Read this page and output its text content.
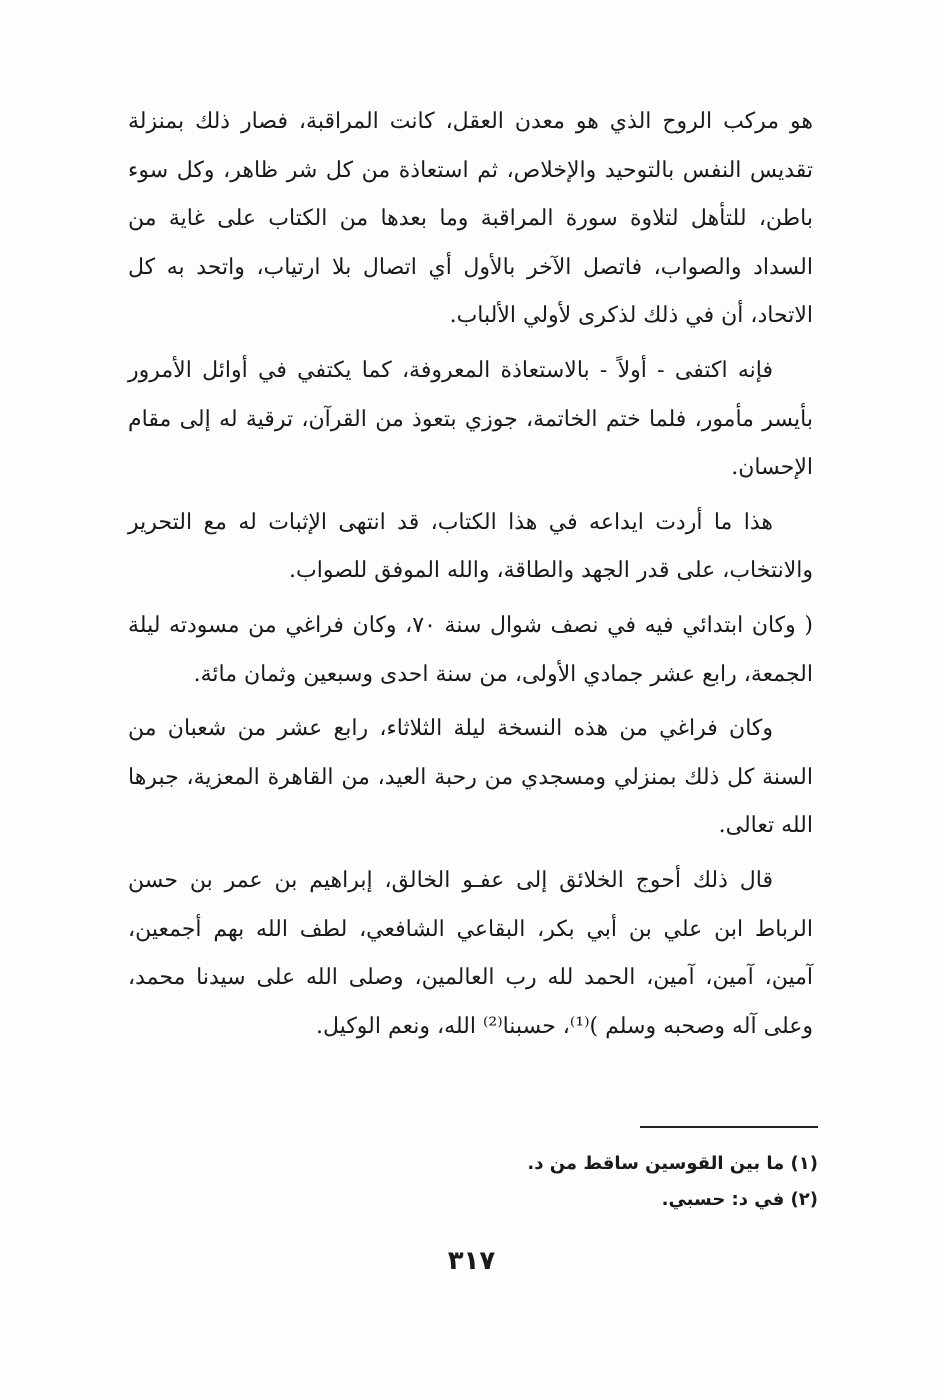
هو مركب الروح الذي هو معدن العقل، كانت المراقبة، فصار ذلك بمنزلة تقديس النفس بالتوحيد والإخلاص، ثم استعاذة من كل شر ظاهر، وكل سوء باطن، للتأهل لتلاوة سورة المراقبة وما بعدها من الكتاب على غاية من السداد والصواب، فاتصل الآخر بالأول أي اتصال بلا ارتياب، واتحد به كل الاتحاد، أن في ذلك لذكرى لأولي الألباب.

فإنه اكتفى - أولاً - بالاستعاذة المعروفة، كما يكتفي في أوائل الأمرور بأيسر مأمور، فلما ختم الخاتمة، جوزي بتعوذ من القرآن، ترقية له إلى مقام الإحسان.

هذا ما أردت ايداعه في هذا الكتاب، قد انتهى الإثبات له مع التحرير والانتخاب، على قدر الجهد والطاقة، والله الموفق للصواب.

( وكان ابتدائي فيه في نصف شوال سنة ٧٠، وكان فراغي من مسودته ليلة الجمعة، رابع عشر جمادي الأولى، من سنة احدى وسبعين وثمان مائة.

وكان فراغي من هذه النسخة ليلة الثلاثاء، رابع عشر من شعبان من السنة كل ذلك بمنزلي ومسجدي من رحبة العيد، من القاهرة المعزية، جبرها الله تعالى.

قال ذلك أحوج الخلائق إلى عفـو الخالق، إبراهيم بن عمر بن حسن الرباط ابن علي بن أبي بكر، البقاعي الشافعي، لطف الله بهم أجمعين، آمين، آمين، آمين، الحمد لله رب العالمين، وصلى الله على سيدنا محمد، وعلى آله وصحبه وسلم )⁽¹⁾، حسبنا⁽²⁾ الله، ونعم الوكيل.

(١) ما بين القوسين ساقط من د.

(٢) في د: حسبي.

٣١٧
